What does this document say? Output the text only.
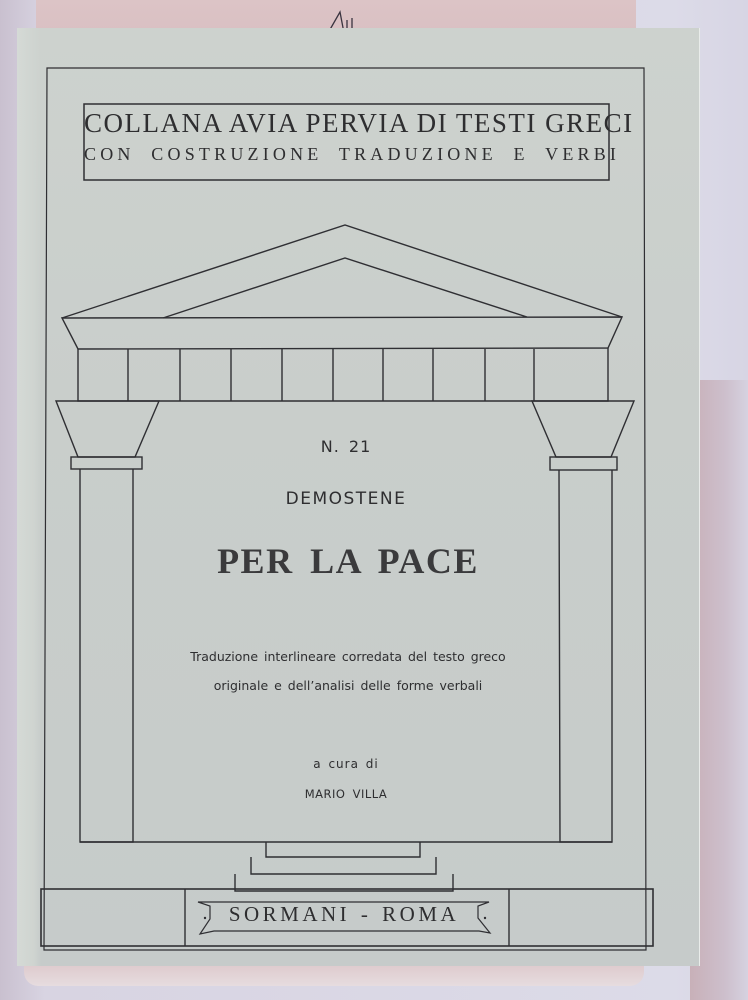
COLLANA AVIA PERVIA DI TESTI GRECI
CON COSTRUZIONE TRADUZIONE E VERBI
N. 21
DEMOSTENE
PER LA PACE
Traduzione interlineare corredata del testo greco
originale e dell’analisi delle forme verbali
a cura di
MARIO VILLA
SORMANI - ROMA
